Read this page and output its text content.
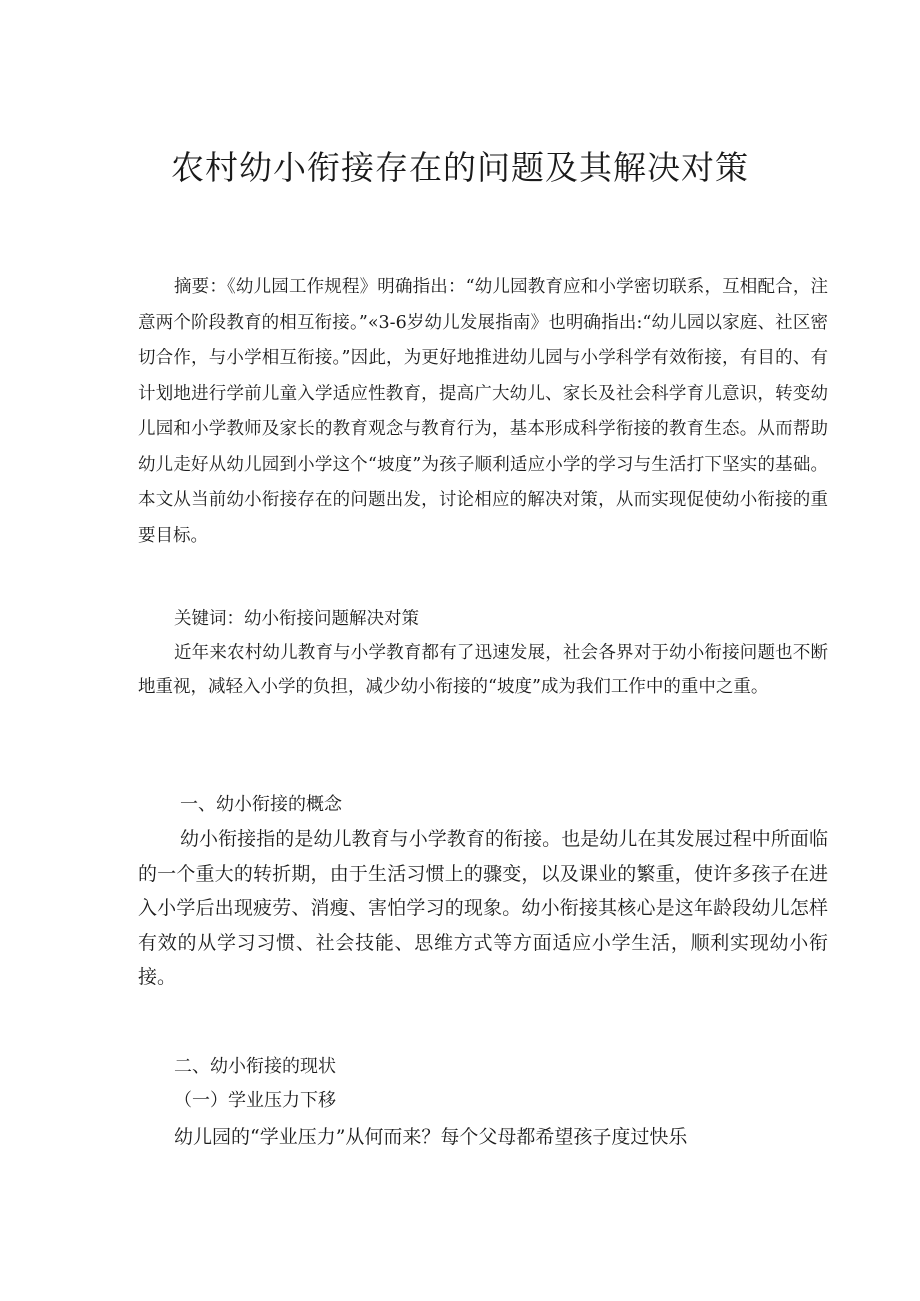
农村幼小衔接存在的问题及其解决对策

摘要：《幼儿园工作规程》明确指出：“幼儿园教育应和小学密切联系，互相配合，注意两个阶段教育的相互衔接。”«3-6岁幼儿发展指南》也明确指出:“幼儿园以家庭、社区密切合作，与小学相互衔接。”因此，为更好地推进幼儿园与小学科学有效衔接，有目的、有计划地进行学前儿童入学适应性教育，提高广大幼儿、家长及社会科学育儿意识，转变幼儿园和小学教师及家长的教育观念与教育行为，基本形成科学衔接的教育生态。从而帮助幼儿走好从幼儿园到小学这个“坡度”为孩子顺利适应小学的学习与生活打下坚实的基础。本文从当前幼小衔接存在的问题出发，讨论相应的解决对策，从而实现促使幼小衔接的重要目标。

关键词：幼小衔接问题解决对策

近年来农村幼儿教育与小学教育都有了迅速发展，社会各界对于幼小衔接问题也不断地重视，减轻入小学的负担，减少幼小衔接的“坡度”成为我们工作中的重中之重。

一、幼小衔接的概念

幼小衔接指的是幼儿教育与小学教育的衔接。也是幼儿在其发展过程中所面临的一个重大的转折期，由于生活习惯上的骤变，以及课业的繁重，使许多孩子在进入小学后出现疲劳、消瘦、害怕学习的现象。幼小衔接其核心是这年龄段幼儿怎样有效的从学习习惯、社会技能、思维方式等方面适应小学生活，顺利实现幼小衔接。

二、幼小衔接的现状

（一）学业压力下移

幼儿园的“学业压力”从何而来？每个父母都希望孩子度过快乐
